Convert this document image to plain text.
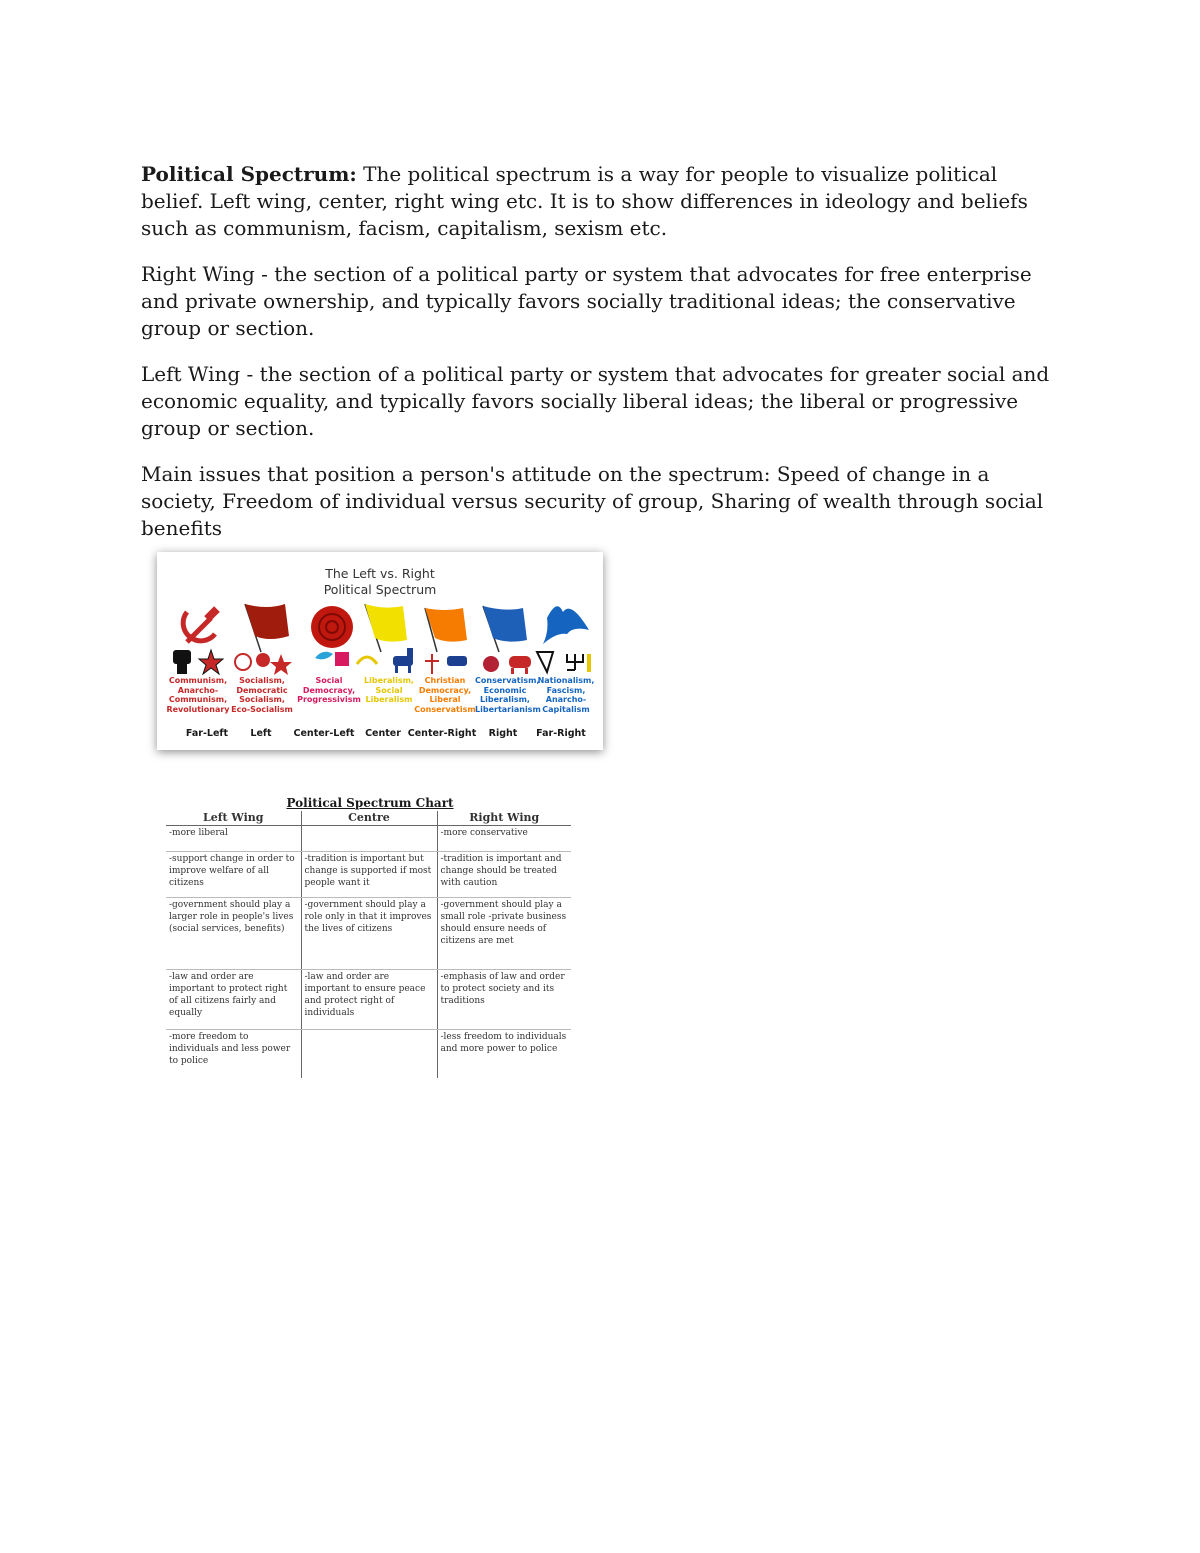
Political Spectrum: The political spectrum is a way for people to visualize political belief. Left wing, center, right wing etc. It is to show differences in ideology and beliefs such as communism, facism, capitalism, sexism etc.

Right Wing - the section of a political party or system that advocates for free enterprise and private ownership, and typically favors socially traditional ideas; the conservative group or section.

Left Wing - the section of a political party or system that advocates for greater social and economic equality, and typically favors socially liberal ideas; the liberal or progressive group or section.

Main issues that position a person's attitude on the spectrum: Speed of change in a society, Freedom of individual versus security of group, Sharing of wealth through social benefits

The Left vs. Right
Political Spectrum
Communism, Anarcho-Communism, Revolutionary
Socialism, Democratic Socialism, Eco-Socialism
Social Democracy, Progressivism
Liberalism, Social Liberalism
Christian Democracy, Liberal Conservatism
Conservatism, Economic Liberalism, Libertarianism
Nationalism, Fascism, Anarcho-Capitalism
Far-Left	Left	Center-Left	Center Center-Right	Right	Far-Right
Political Spectrum Chart
Left Wing	Centre	Right Wing
-more liberal		-more conservative
-support change in order to improve welfare of all citizens	-tradition is important but change is supported if most people want it	-tradition is important and change should be treated with caution
-government should play a larger role in people's lives (social services, benefits)	-government should play a role only in that it improves the lives of citizens	-government should play a small role -private business should ensure needs of citizens are met
-law and order are important to protect right of all citizens fairly and equally	-law and order are important to ensure peace and protect right of individuals	-emphasis of law and order to protect society and its traditions
-more freedom to individuals and less power to police		-less freedom to individuals and more power to police
